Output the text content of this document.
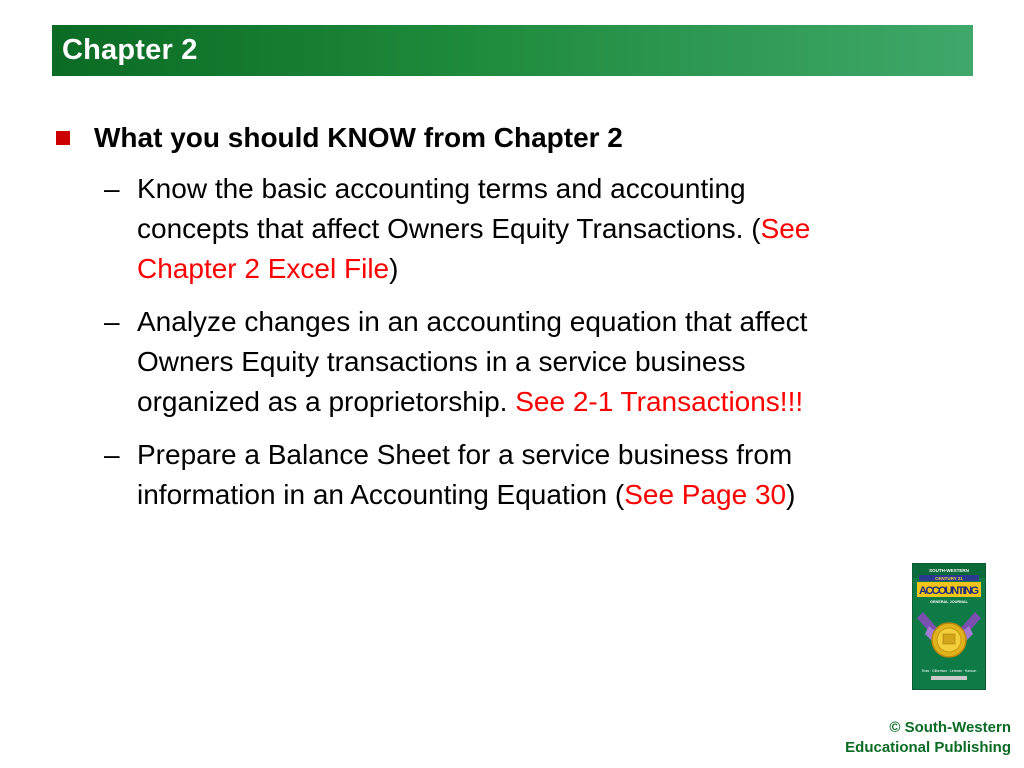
Chapter 2
What you should KNOW from Chapter 2
– Know the basic accounting terms and accounting concepts that affect Owners Equity Transactions. (See Chapter 2 Excel File)
– Analyze changes in an accounting equation that affect Owners Equity transactions in a service business organized as a proprietorship. See 2-1 Transactions!!!
– Prepare a Balance Sheet for a service business from information in an Accounting Equation (See Page 30)
SOUTH-WESTERN
CENTURY 21
ACCOUNTING
GENERAL JOURNAL
Ross · Gilbertson · Lehman · Hanson
© South-Western
Educational Publishing
